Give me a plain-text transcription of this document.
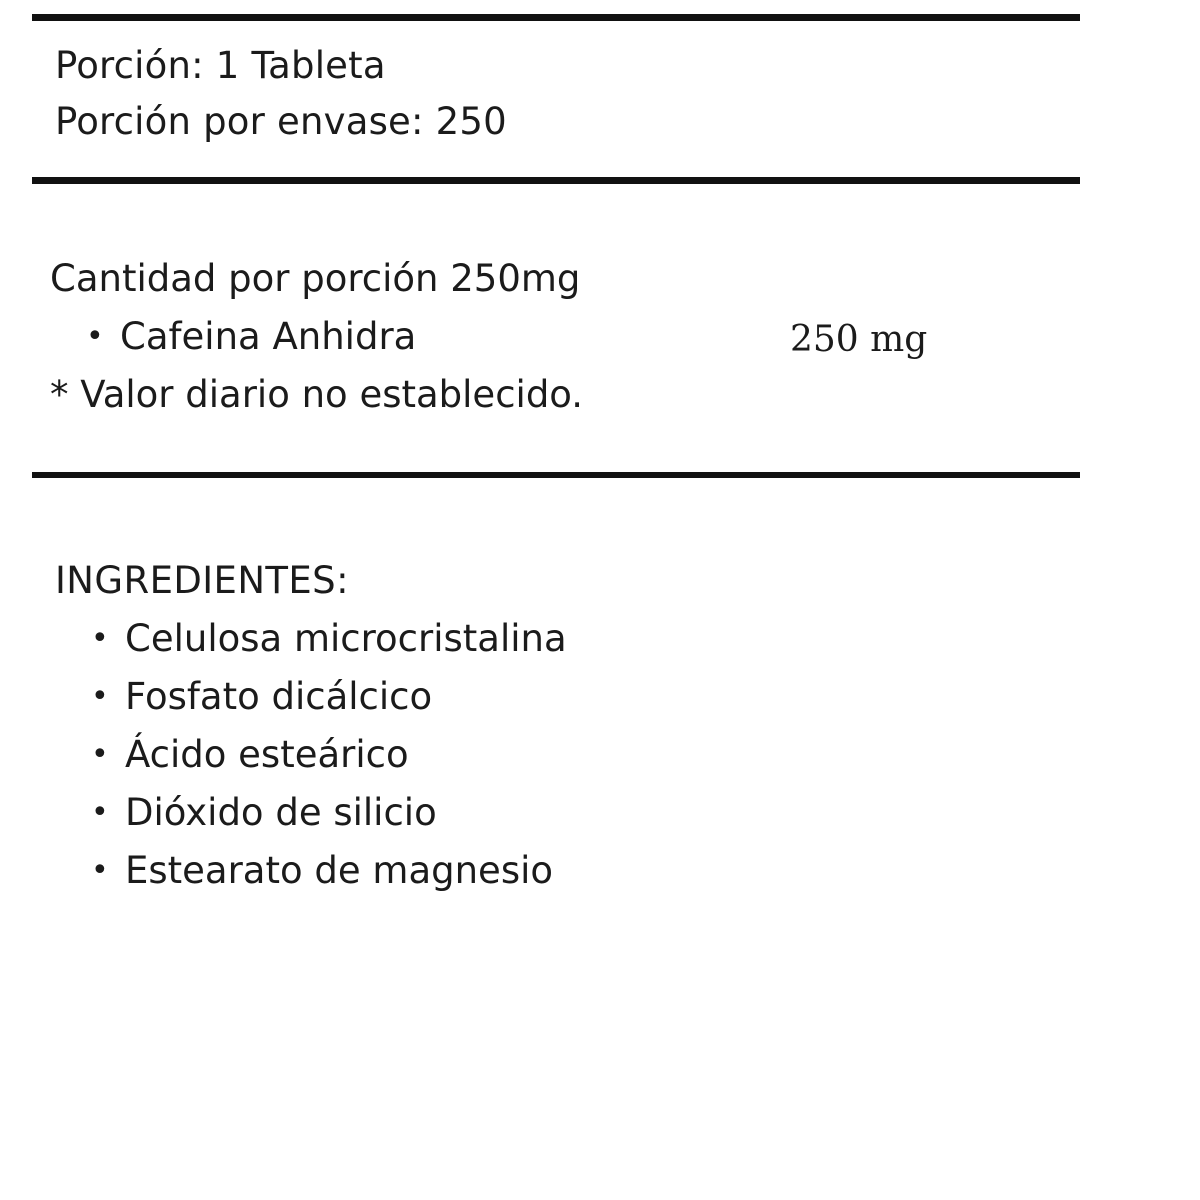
Porción: 1 Tableta
Porción por envase: 250
Cantidad por porción 250mg
• Cafeina Anhidra	250 mg
* Valor diario no establecido.
INGREDIENTES:
• Celulosa microcristalina
• Fosfato dicálcico
• Ácido esteárico
• Dióxido de silicio
• Estearato de magnesio
